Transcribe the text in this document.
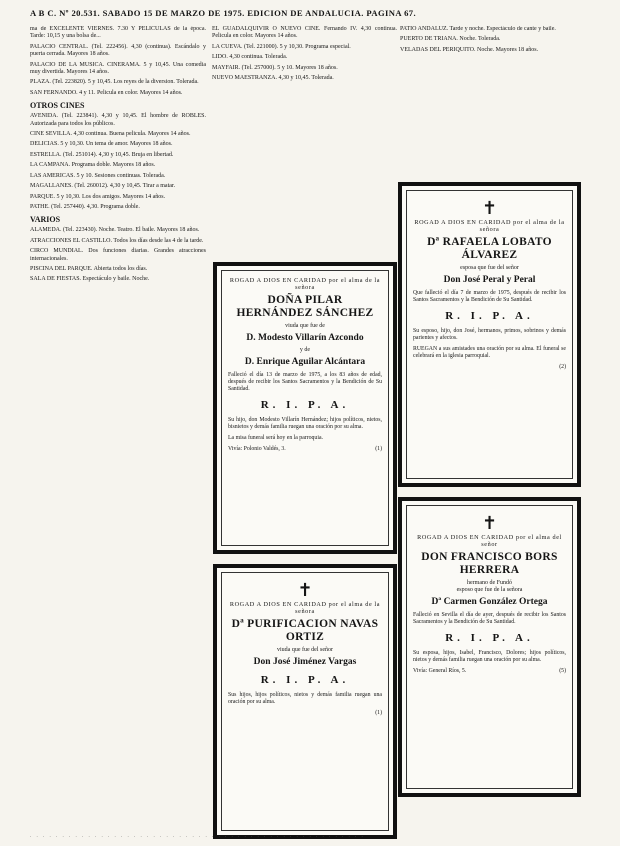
A B C. Nº 20.531. SABADO 15 DE MARZO DE 1975. EDICION DE ANDALUCIA. PAGINA 67.

ma de EXCELENTE VIERNES. 7.30 Y PELICULAS de la época. Tarde: 10,15 y una bolsa de...

PALACIO CENTRAL. (Tel. 222456). 4,30 (continua). Escándalo y puerta cerrada. Mayores 18 años.

PALACIO DE LA MUSICA. CINERAMA. 5 y 10,45. Una comedia muy divertida. Mayores 14 años.

PLAZA. (Tel. 223820). 5 y 10,45. Los reyes de la diversion. Tolerada.

SAN FERNANDO. 4 y 11. Pelicula en color. Mayores 14 años.

OTROS CINES

AVENIDA. (Tel. 223841). 4,30 y 10,45. El hombre de ROBLES. Autorizada para todos los públicos.

CINE SEVILLA. 4,30 continua. Buena pelicula. Mayores 14 años.

DELICIAS. 5 y 10,30. Un tema de amor. Mayores 18 años.

ESTRELLA. (Tel. 251014). 4,30 y 10,45. Bruja en libertad.

LA CAMPANA. Programa doble. Mayores 18 años.

LAS AMERICAS. 5 y 10. Sesiones continuas. Tolerada.

MAGALLANES. (Tel. 260012). 4,30 y 10,45. Tirar a matar.

PARQUE. 5 y 10,30. Los dos amigos. Mayores 14 años.

PATHE. (Tel. 257440). 4,30. Programa doble.

VARIOS

ALAMEDA. (Tel. 223430). Noche. Teatro. El baile. Mayores 18 años.

ATRACCIONES EL CASTILLO. Todos los días desde las 4 de la tarde.

CIRCO MUNDIAL. Dos funciones diarias. Grandes atracciones internacionales.

PISCINA DEL PARQUE. Abierta todos los días.

SALA DE FIESTAS. Espectáculo y baile. Noche.

EL GUADALQUIVIR O NUEVO CINE. Fernando IV. 4,30 continua. Pelicula en color. Mayores 14 años.

LA CUEVA. (Tel. 221000). 5 y 10,30. Programa especial.

LIDO. 4,30 continua. Tolerada.

MAYFAIR. (Tel. 257000). 5 y 10. Mayores 18 años.

NUEVO MAESTRANZA. 4,30 y 10,45. Tolerada.

PATIO ANDALUZ. Tarde y noche. Espectáculo de cante y baile.

PUERTO DE TRIANA. Noche. Tolerada.

VELADAS DEL PERIQUITO. Noche. Mayores 18 años.

ROGAD A DIOS EN CARIDAD por el alma de la señora
DOÑA PILAR HERNÁNDEZ SÁNCHEZ
viuda que fue de
D. Modesto Villarín Azcondo
y de
D. Enrique Aguilar Alcántara
Falleció el día 13 de marzo de 1975, a los 83 años de edad, después de recibir los Santos Sacramentos y la Bendición de Su Santidad.
R. I. P. A.
Su hijo, don Modesto Villarín Hernández; hijos políticos, nietos, bisnietos y demás familia ruegan una oración por su alma.
La misa funeral será hoy en la parroquia.
Vivía: Polonio Valdés, 3.	(1)
✝
ROGAD A DIOS EN CARIDAD por el alma de la señora
Dª PURIFICACION NAVAS ORTIZ
viuda que fue del señor
Don José Jiménez Vargas
R. I. P. A.
Sus hijos, hijos políticos, nietos y demás familia ruegan una oración por su alma.
(1)
✝
ROGAD A DIOS EN CARIDAD por el alma de la señora
Dª RAFAELA LOBATO ÁLVAREZ
esposa que fue del señor
Don José Peral y Peral
Que falleció el día 7 de marzo de 1975, después de recibir los Santos Sacramentos y la Bendición de Su Santidad.
R. I. P. A.
Su esposo, hijo, don José, hermanos, primos, sobrinos y demás parientes y afectos.
RUEGAN a sus amistades una oración por su alma. El funeral se celebrará en la iglesia parroquial.
(2)
✝
ROGAD A DIOS EN CARIDAD por el alma del señor
DON FRANCISCO BORS HERRERA
hermano de Fundó
esposo que fue de la señora
Dª Carmen González Ortega
Falleció en Sevilla el día de ayer, después de recibir los Santos Sacramentos y la Bendición de Su Santidad.
R. I. P. A.
Su esposa, hijos, Isabel, Francisco, Dolores; hijos políticos, nietos y demás familia ruegan una oración por su alma.
Vivía: General Ríos, 5.	(5)
. . . . . . . . . . . . . . . . . . . . . . . . . . . . . . . . . . . . . . . . . . . . . . . . . . . .
